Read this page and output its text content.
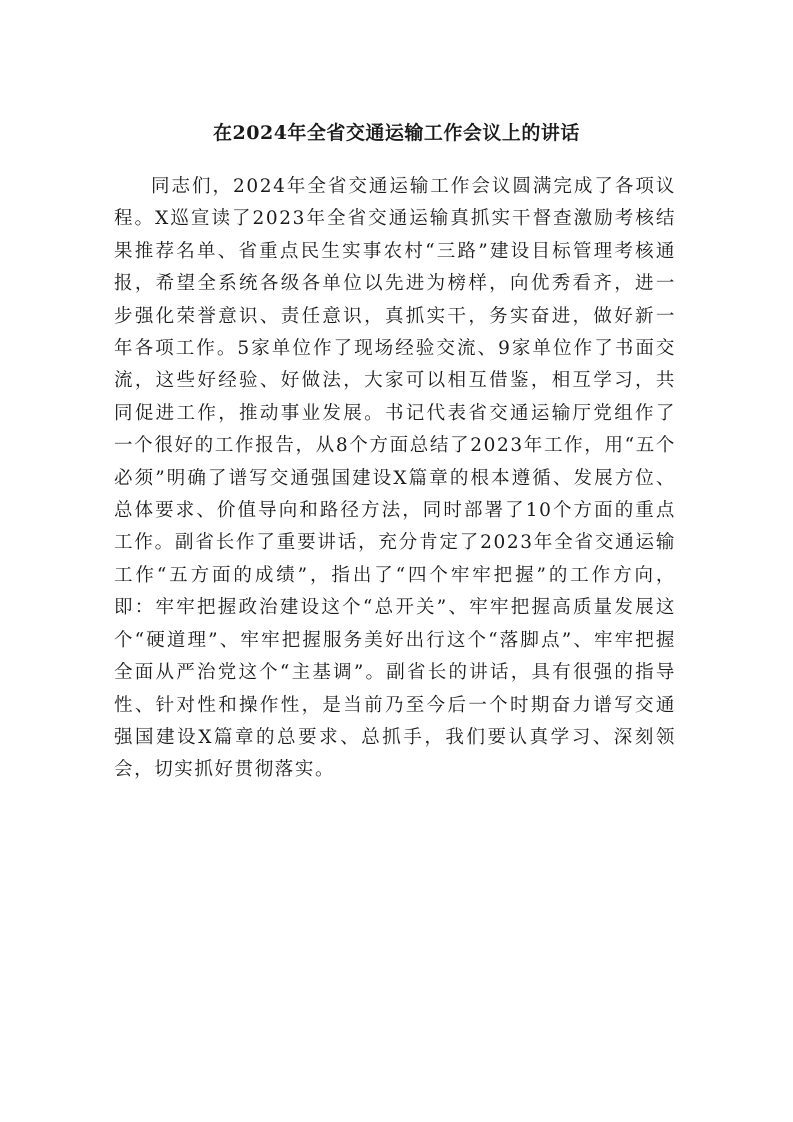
在2024年全省交通运输工作会议上的讲话

同志们，2024年全省交通运输工作会议圆满完成了各项议程。X巡宣读了2023年全省交通运输真抓实干督查激励考核结果推荐名单、省重点民生实事农村“三路”建设目标管理考核通报，希望全系统各级各单位以先进为榜样，向优秀看齐，进一步强化荣誉意识、责任意识，真抓实干，务实奋进，做好新一年各项工作。5家单位作了现场经验交流、9家单位作了书面交流，这些好经验、好做法，大家可以相互借鉴，相互学习，共同促进工作，推动事业发展。书记代表省交通运输厅党组作了一个很好的工作报告，从8个方面总结了2023年工作，用“五个必须”明确了谱写交通强国建设X篇章的根本遵循、发展方位、总体要求、价值导向和路径方法，同时部署了10个方面的重点工作。副省长作了重要讲话，充分肯定了2023年全省交通运输工作“五方面的成绩”，指出了“四个牢牢把握”的工作方向，即：牢牢把握政治建设这个“总开关”、牢牢把握高质量发展这个“硬道理”、牢牢把握服务美好出行这个“落脚点”、牢牢把握全面从严治党这个“主基调”。副省长的讲话，具有很强的指导性、针对性和操作性，是当前乃至今后一个时期奋力谱写交通强国建设X篇章的总要求、总抓手，我们要认真学习、深刻领会，切实抓好贯彻落实。
